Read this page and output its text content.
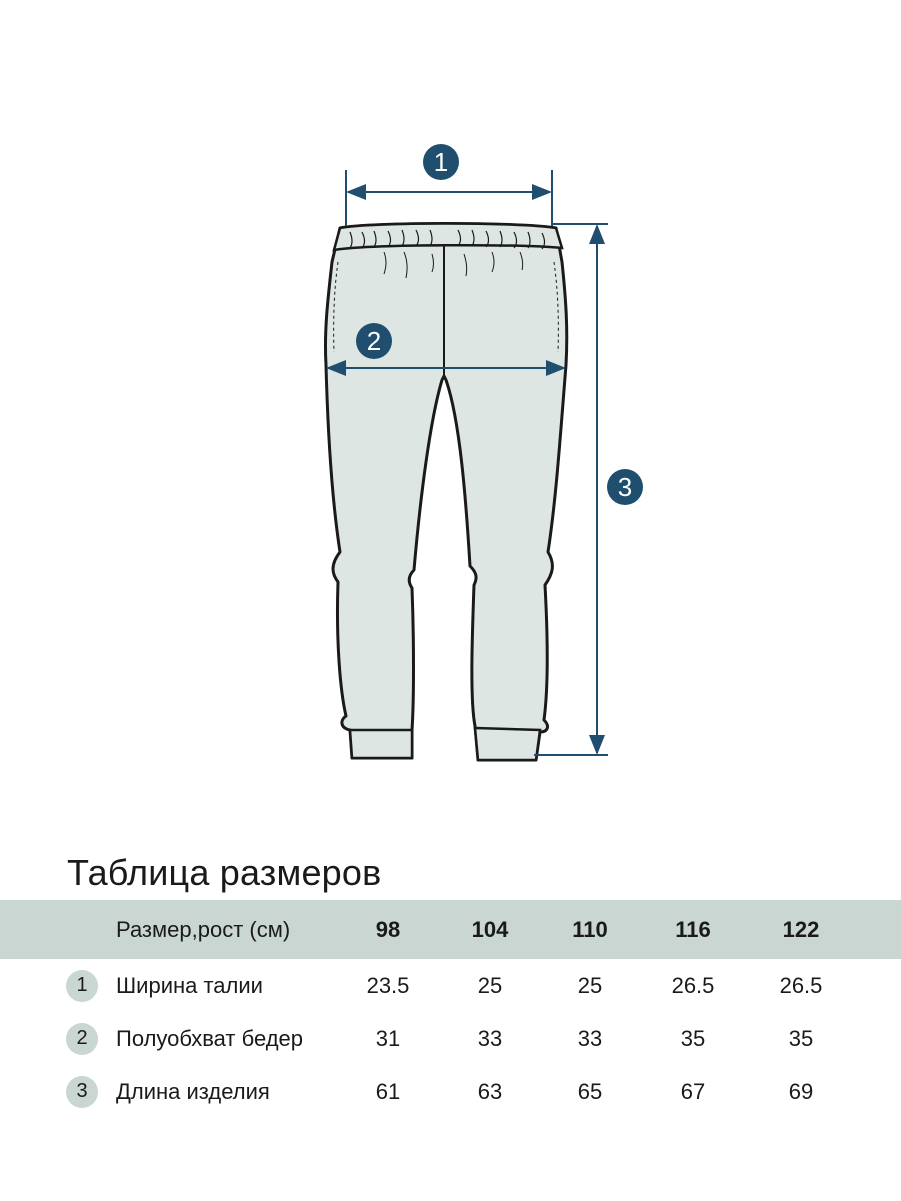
1
2
3
Таблица размеров
Размер,рост (см)	98	104	110	116	122
1	Ширина талии	23.5	25	25	26.5	26.5
2	Полуобхват бедер	31	33	33	35	35
3	Длина изделия	61	63	65	67	69
